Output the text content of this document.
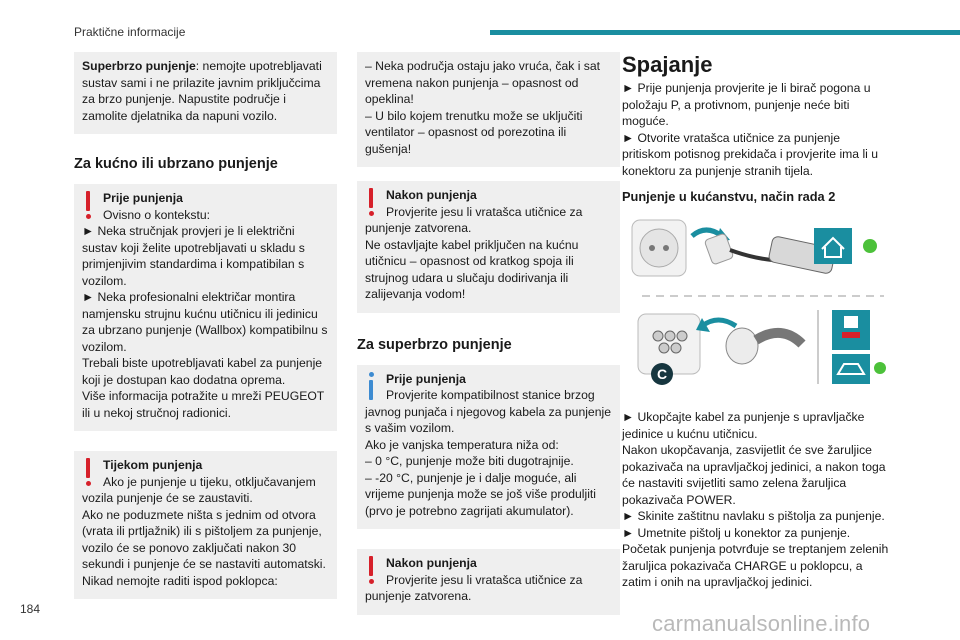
Praktične informacije

Superbrzo punjenje: nemojte upotrebljavati sustav sami i ne prilazite javnim priključcima za brzo punjenje. Napustite područje i zamolite djelatnika da napuni vozilo.

Za kućno ili ubrzano punjenje

Prije punjenja

Ovisno o kontekstu:

► Neka stručnjak provjeri je li električni sustav koji želite upotrebljavati u skladu s primjenjivim standardima i kompatibilan s vozilom.

► Neka profesionalni električar montira namjensku strujnu kućnu utičnicu ili jedinicu za ubrzano punjenje (Wallbox) kompatibilnu s vozilom.

Trebali biste upotrebljavati kabel za punjenje koji je dostupan kao dodatna oprema.

Više informacija potražite u mreži PEUGEOT ili u nekoj stručnoj radionici.

Tijekom punjenja

Ako je punjenje u tijeku, otključavanjem

vozila punjenje će se zaustaviti.

Ako ne poduzmete ništa s jednim od otvora (vrata ili prtljažnik) ili s pištoljem za punjenje, vozilo će se ponovo zaključati nakon 30 sekundi i punjenje će se nastaviti automatski.

Nikad nemojte raditi ispod poklopca:

– Neka područja ostaju jako vruća, čak i sat vremena nakon punjenja – opasnost od opeklina!

– U bilo kojem trenutku može se uključiti ventilator – opasnost od porezotina ili gušenja!

Nakon punjenja

Provjerite jesu li vratašca utičnice za

punjenje zatvorena.

Ne ostavljajte kabel priključen na kućnu utičnicu – opasnost od kratkog spoja ili strujnog udara u slučaju dodirivanja ili zalijevanja vodom!

Za superbrzo punjenje

Prije punjenja

Provjerite kompatibilnost stanice brzog

javnog punjača i njegovog kabela za punjenje s vašim vozilom.

Ako je vanjska temperatura niža od:

– 0 °C, punjenje može biti dugotrajnije.

– -20 °C, punjenje je i dalje moguće, ali vrijeme punjenja može se još više produljiti (prvo je potrebno zagrijati akumulator).

Nakon punjenja

Provjerite jesu li vratašca utičnice za

punjenje zatvorena.

Spajanje

► Prije punjenja provjerite je li birač pogona u položaju P, a protivnom, punjenje neće biti moguće.

► Otvorite vratašca utičnice za punjenje pritiskom potisnog prekidača i provjerite ima li u konektoru za punjenje stranih tijela.

Punjenje u kućanstvu, način rada 2
C

► Ukopčajte kabel za punjenje s upravljačke jedinice u kućnu utičnicu.

Nakon ukopčavanja, zasvijetlit će sve žaruljice pokazivača na upravljačkoj jedinici, a nakon toga će nastaviti svijetliti samo zelena žaruljica pokazivača POWER.

► Skinite zaštitnu navlaku s pištolja za punjenje.

► Umetnite pištolj u konektor za punjenje.

Početak punjenja potvrđuje se treptanjem zelenih žaruljica pokazivača CHARGE u poklopcu, a zatim i onih na upravljačkoj jedinici.

184
carmanualsonline.info
